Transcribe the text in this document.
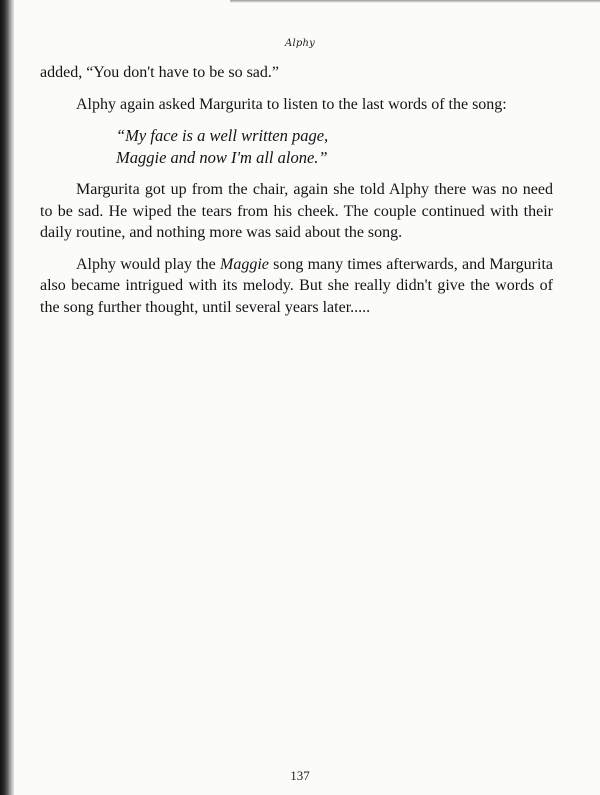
Alphy

added, “You don't have to be so sad.”

Alphy again asked Margurita to listen to the last words of the song:

“My face is a well written page,
Maggie and now I'm all alone.”

Margurita got up from the chair, again she told Alphy there was no need to be sad. He wiped the tears from his cheek. The couple continued with their daily routine, and nothing more was said about the song.

Alphy would play the Maggie song many times afterwards, and Margurita also became intrigued with its melody. But she really didn't give the words of the song further thought, until several years later.....

137
